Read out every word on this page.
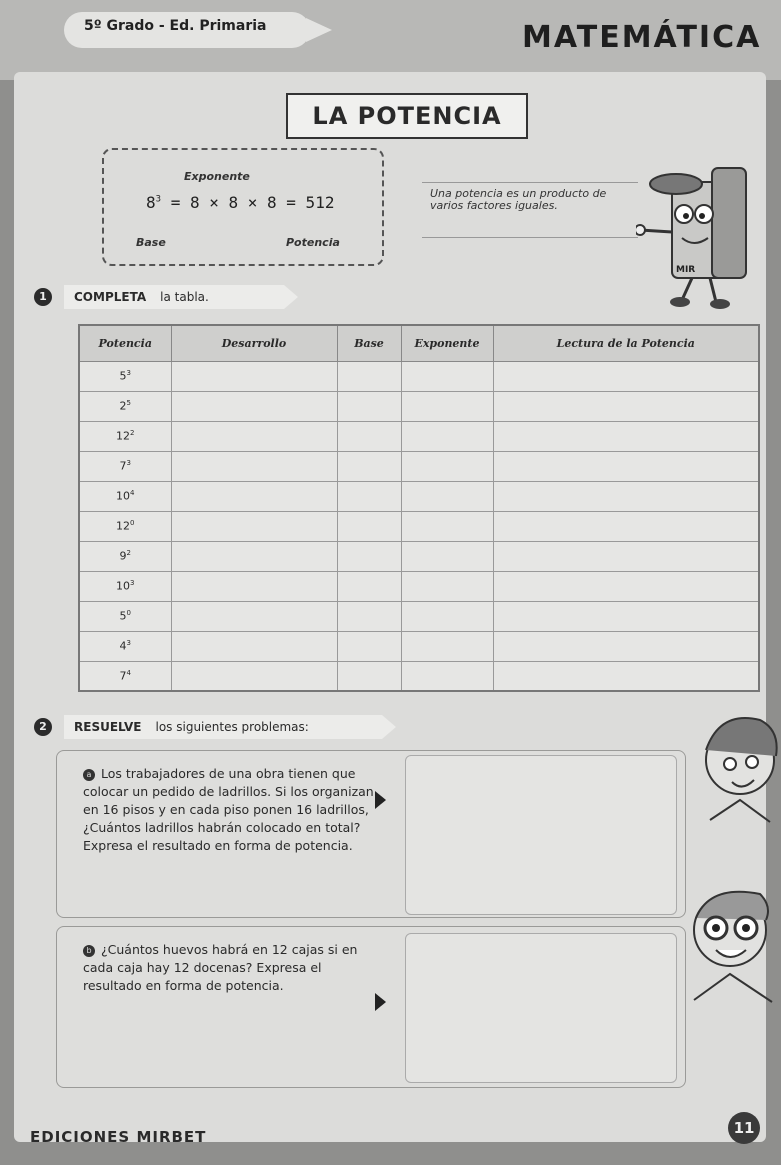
5º Grado - Ed. Primaria	MATEMÁTICA
LA POTENCIA
Exponente
$8^3 = 8 \times 8 \times 8 = 512$
Base	Potencia
Una potencia es un producto de varios factores iguales.
MIR
1	COMPLETA la tabla.
Potencia	Desarrollo	Base	Exponente	Lectura de la Potencia
$5^3$				
$2^5$				
$12^2$				
$7^3$				
$10^4$				
$12^0$				
$9^2$				
$10^3$				
$5^0$				
$4^3$				
$7^4$				
2	RESUELVE los siguientes problemas:
a Los trabajadores de una obra tienen que colocar un pedido de ladrillos. Si los organizan en 16 pisos y en cada piso ponen 16 ladrillos, ¿Cuántos ladrillos habrán colocado en total? Expresa el resultado en forma de potencia.
b ¿Cuántos huevos habrá en 12 cajas si en cada caja hay 12 docenas? Expresa el resultado en forma de potencia.
EDICIONES MIRBET	11
